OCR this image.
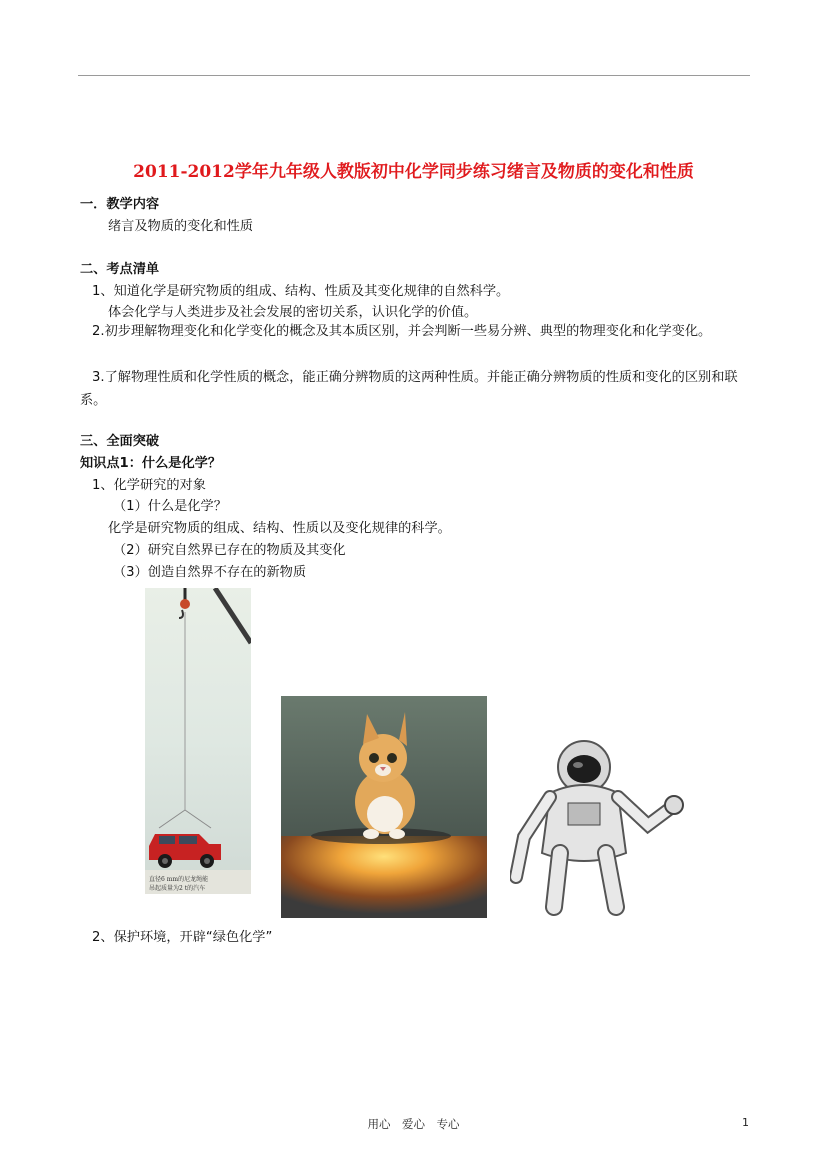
2011-2012学年九年级人教版初中化学同步练习绪言及物质的变化和性质
一．教学内容
绪言及物质的变化和性质
二、考点清单
1、知道化学是研究物质的组成、结构、性质及其变化规律的自然科学。
体会化学与人类进步及社会发展的密切关系，认识化学的价值。
2.初步理解物理变化和化学变化的概念及其本质区别，并会判断一些易分辨、典型的物理变化和化学变化。
3.了解物理性质和化学性质的概念，能正确分辨物质的这两种性质。并能正确分辨物质的性质和变化的区别和联系。
三、全面突破
知识点1：什么是化学？
1、化学研究的对象
（1）什么是化学？
化学是研究物质的组成、结构、性质以及变化规律的科学。
（2）研究自然界已存在的物质及其变化
（3）创造自然界不存在的新物质
直径6 mm的尼龙绳能
吊起质量为2 t的汽车
2、保护环境，开辟“绿色化学”
用心　爱心　专心	1
